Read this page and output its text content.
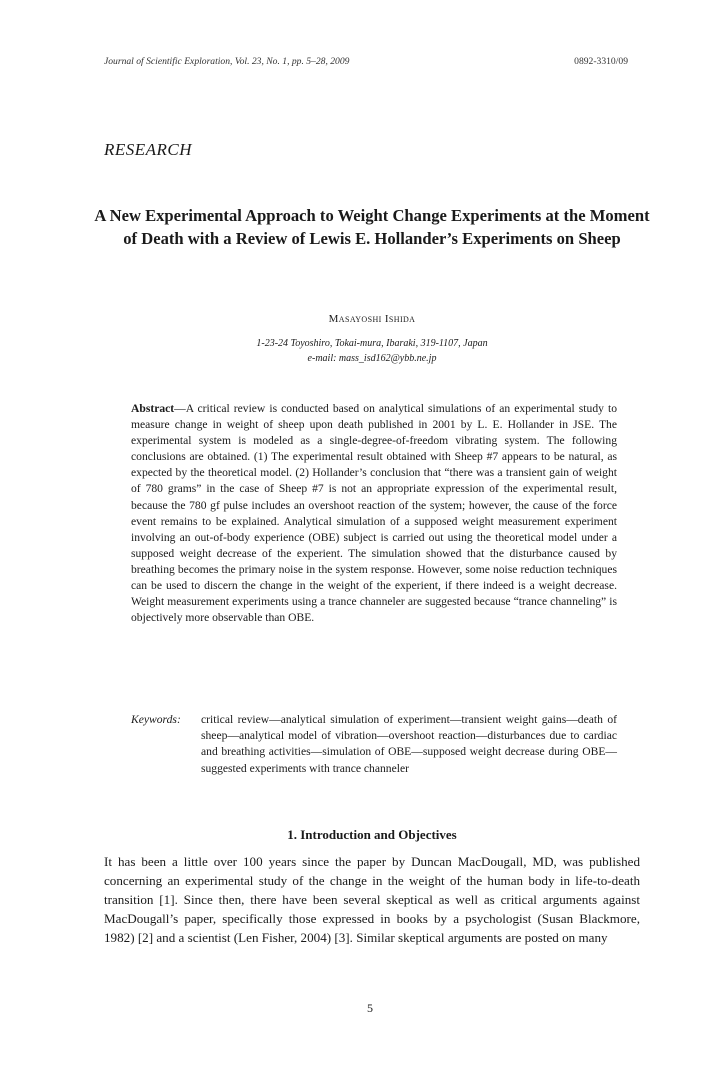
Journal of Scientific Exploration, Vol. 23, No. 1, pp. 5–28, 2009	0892-3310/09
RESEARCH
A New Experimental Approach to Weight Change Experiments at the Moment of Death with a Review of Lewis E. Hollander’s Experiments on Sheep
Masayoshi Ishida
1-23-24 Toyoshiro, Tokai-mura, Ibaraki, 319-1107, Japan
e-mail: mass_isd162@ybb.ne.jp
Abstract—A critical review is conducted based on analytical simulations of an experimental study to measure change in weight of sheep upon death published in 2001 by L. E. Hollander in JSE. The experimental system is modeled as a single-degree-of-freedom vibrating system. The following conclusions are obtained. (1) The experimental result obtained with Sheep #7 appears to be natural, as expected by the theoretical model. (2) Hollander’s conclusion that “there was a transient gain of weight of 780 grams” in the case of Sheep #7 is not an appropriate expression of the experimental result, because the 780 gf pulse includes an overshoot reaction of the system; however, the cause of the force event remains to be explained. Analytical simulation of a supposed weight measurement experiment involving an out-of-body experience (OBE) subject is carried out using the theoretical model under a supposed weight decrease of the experient. The simulation showed that the disturbance caused by breathing becomes the primary noise in the system response. However, some noise reduction techniques can be used to discern the change in the weight of the experient, if there indeed is a weight decrease. Weight measurement experiments using a trance channeler are suggested because “trance channeling” is objectively more observable than OBE.
Keywords:	critical review—analytical simulation of experiment—transient weight gains—death of sheep—analytical model of vibration—overshoot reaction—disturbances due to cardiac and breathing activities—simulation of OBE—supposed weight decrease during OBE—suggested experiments with trance channeler
1. Introduction and Objectives
It has been a little over 100 years since the paper by Duncan MacDougall, MD, was published concerning an experimental study of the change in the weight of the human body in life-to-death transition [1]. Since then, there have been several skeptical as well as critical arguments against MacDougall’s paper, specifically those expressed in books by a psychologist (Susan Blackmore, 1982) [2] and a scientist (Len Fisher, 2004) [3]. Similar skeptical arguments are posted on many
5
